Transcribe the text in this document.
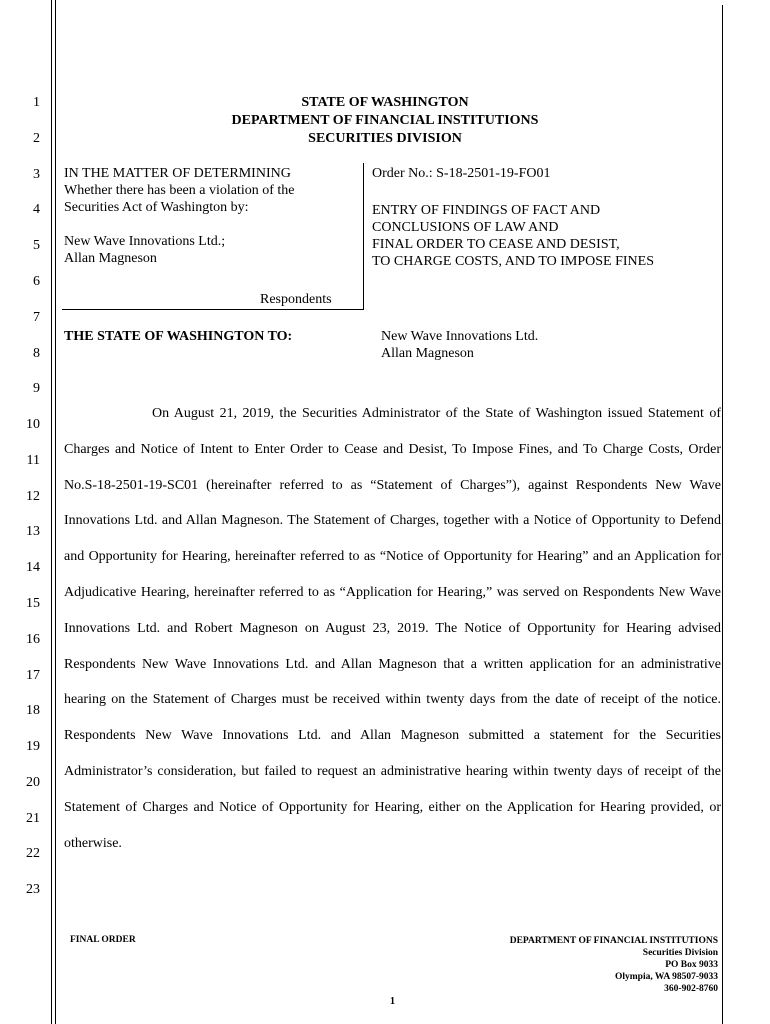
1
2
3
4
5
6
7
8
9
10
11
12
13
14
15
16
17
18
19
20
21
22
23
STATE OF WASHINGTON
DEPARTMENT OF FINANCIAL INSTITUTIONS
SECURITIES DIVISION
IN THE MATTER OF DETERMINING
Whether there has been a violation of the
Securities Act of Washington by:
New Wave Innovations Ltd.;
Allan Magneson
Respondents
Order No.: S-18-2501-19-FO01
ENTRY OF FINDINGS OF FACT AND
CONCLUSIONS OF LAW AND
FINAL ORDER TO CEASE AND DESIST,
TO CHARGE COSTS, AND TO IMPOSE FINES
THE STATE OF WASHINGTON TO:	New Wave Innovations Ltd.
Allan Magneson
On August 21, 2019, the Securities Administrator of the State of Washington issued Statement of Charges and Notice of Intent to Enter Order to Cease and Desist, To Impose Fines, and To Charge Costs, Order No.S-18-2501-19-SC01 (hereinafter referred to as “Statement of Charges”), against Respondents New Wave Innovations Ltd. and Allan Magneson. The Statement of Charges, together with a Notice of Opportunity to Defend and Opportunity for Hearing, hereinafter referred to as “Notice of Opportunity for Hearing” and an Application for Adjudicative Hearing, hereinafter referred to as “Application for Hearing,” was served on Respondents New Wave Innovations Ltd. and Robert Magneson on August 23, 2019. The Notice of Opportunity for Hearing advised Respondents New Wave Innovations Ltd. and Allan Magneson that a written application for an administrative hearing on the Statement of Charges must be received within twenty days from the date of receipt of the notice. Respondents New Wave Innovations Ltd. and Allan Magneson submitted a statement for the Securities Administrator’s consideration, but failed to request an administrative hearing within twenty days of receipt of the Statement of Charges and Notice of Opportunity for Hearing, either on the Application for Hearing provided, or otherwise.
FINAL ORDER	DEPARTMENT OF FINANCIAL INSTITUTIONS
Securities Division
PO Box 9033
Olympia, WA 98507-9033
360-902-8760
1
